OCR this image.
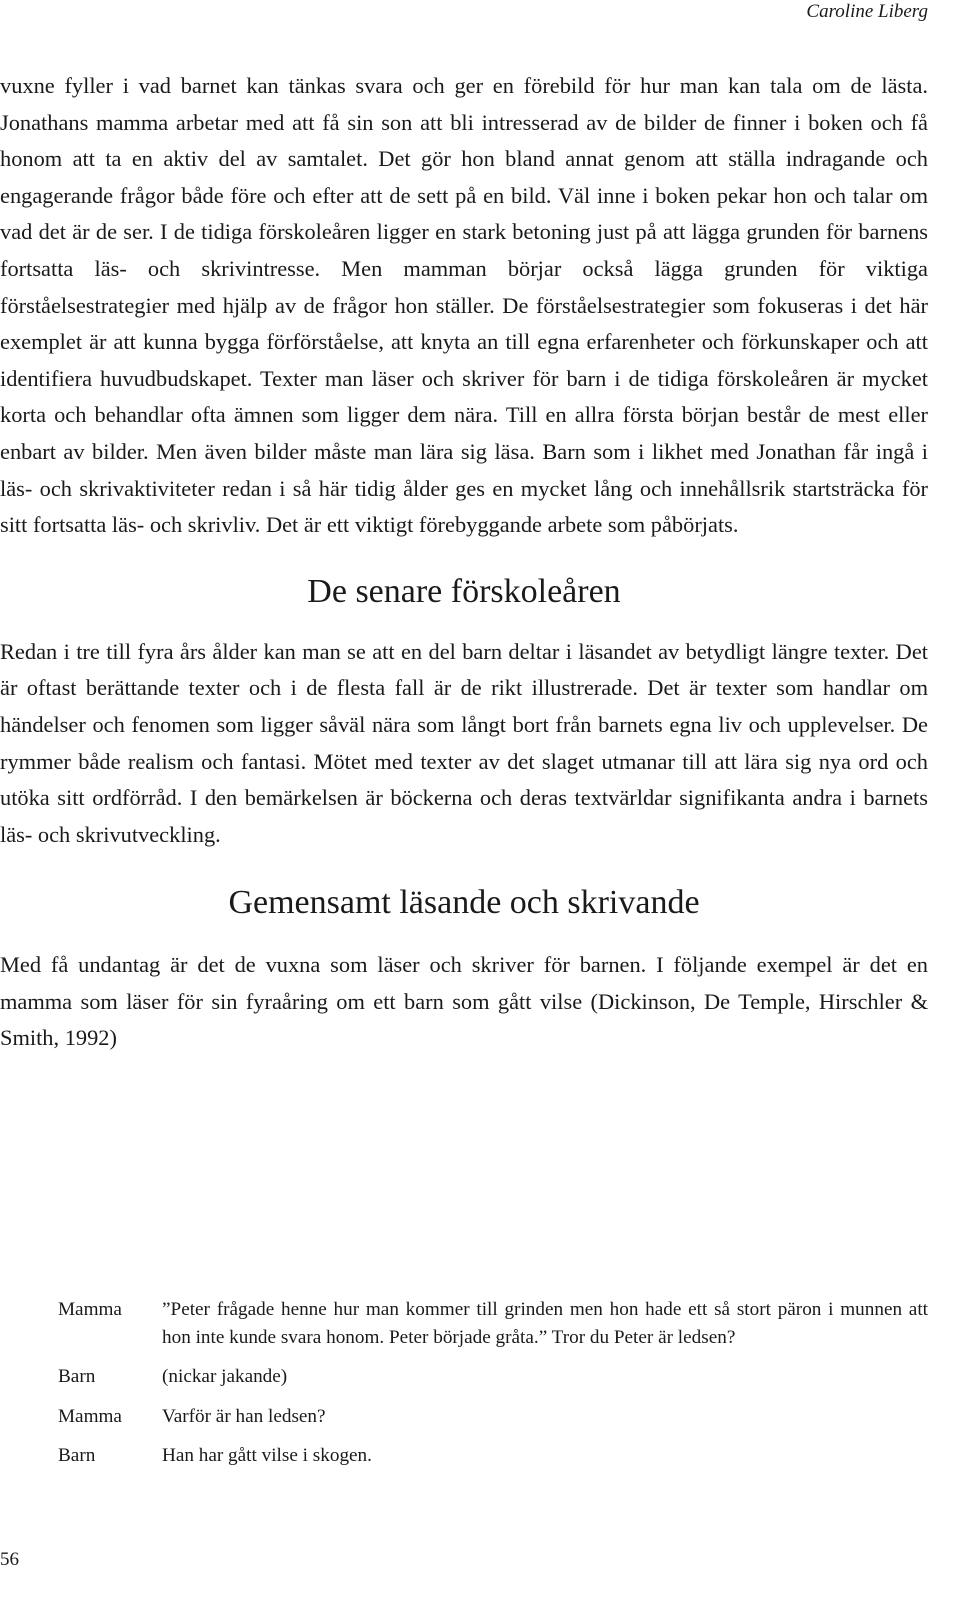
Caroline Liberg

vuxne fyller i vad barnet kan tänkas svara och ger en förebild för hur man kan tala om de lästa. Jonathans mamma arbetar med att få sin son att bli intresserad av de bilder de finner i boken och få honom att ta en aktiv del av samtalet. Det gör hon bland annat genom att ställa indragande och engagerande frågor både före och efter att de sett på en bild. Väl inne i boken pekar hon och talar om vad det är de ser. I de tidiga förskoleåren ligger en stark betoning just på att lägga grunden för barnens fortsatta läs- och skrivintresse. Men mamman börjar också lägga grunden för viktiga förståelsestrategier med hjälp av de frågor hon ställer. De förståelsestrategier som fokuseras i det här exemplet är att kunna bygga förförståelse, att knyta an till egna erfarenheter och förkunskaper och att identifiera huvudbudskapet. Texter man läser och skriver för barn i de tidiga förskoleåren är mycket korta och behandlar ofta ämnen som ligger dem nära. Till en allra första början består de mest eller enbart av bilder. Men även bilder måste man lära sig läsa. Barn som i likhet med Jonathan får ingå i läs- och skrivaktiviteter redan i så här tidig ålder ges en mycket lång och innehållsrik startsträcka för sitt fortsatta läs- och skrivliv. Det är ett viktigt förebyggande arbete som påbörjats.

De senare förskoleåren

Redan i tre till fyra års ålder kan man se att en del barn deltar i läsandet av betydligt längre texter. Det är oftast berättande texter och i de flesta fall är de rikt illustrerade. Det är texter som handlar om händelser och fenomen som ligger såväl nära som långt bort från barnets egna liv och upplevelser. De rymmer både realism och fantasi. Mötet med texter av det slaget utmanar till att lära sig nya ord och utöka sitt ordförråd. I den bemärkelsen är böckerna och deras textvärldar signifikanta andra i barnets läs- och skrivutveckling.

Gemensamt läsande och skrivande

Med få undantag är det de vuxna som läser och skriver för barnen. I följande exempel är det en mamma som läser för sin fyraåring om ett barn som gått vilse (Dickinson, De Temple, Hirschler & Smith, 1992)

Mamma	”Peter frågade henne hur man kommer till grinden men hon hade ett så stort päron i munnen att hon inte kunde svara honom. Peter började gråta.” Tror du Peter är ledsen?
Barn	(nickar jakande)
Mamma	Varför är han ledsen?
Barn	Han har gått vilse i skogen.
56
